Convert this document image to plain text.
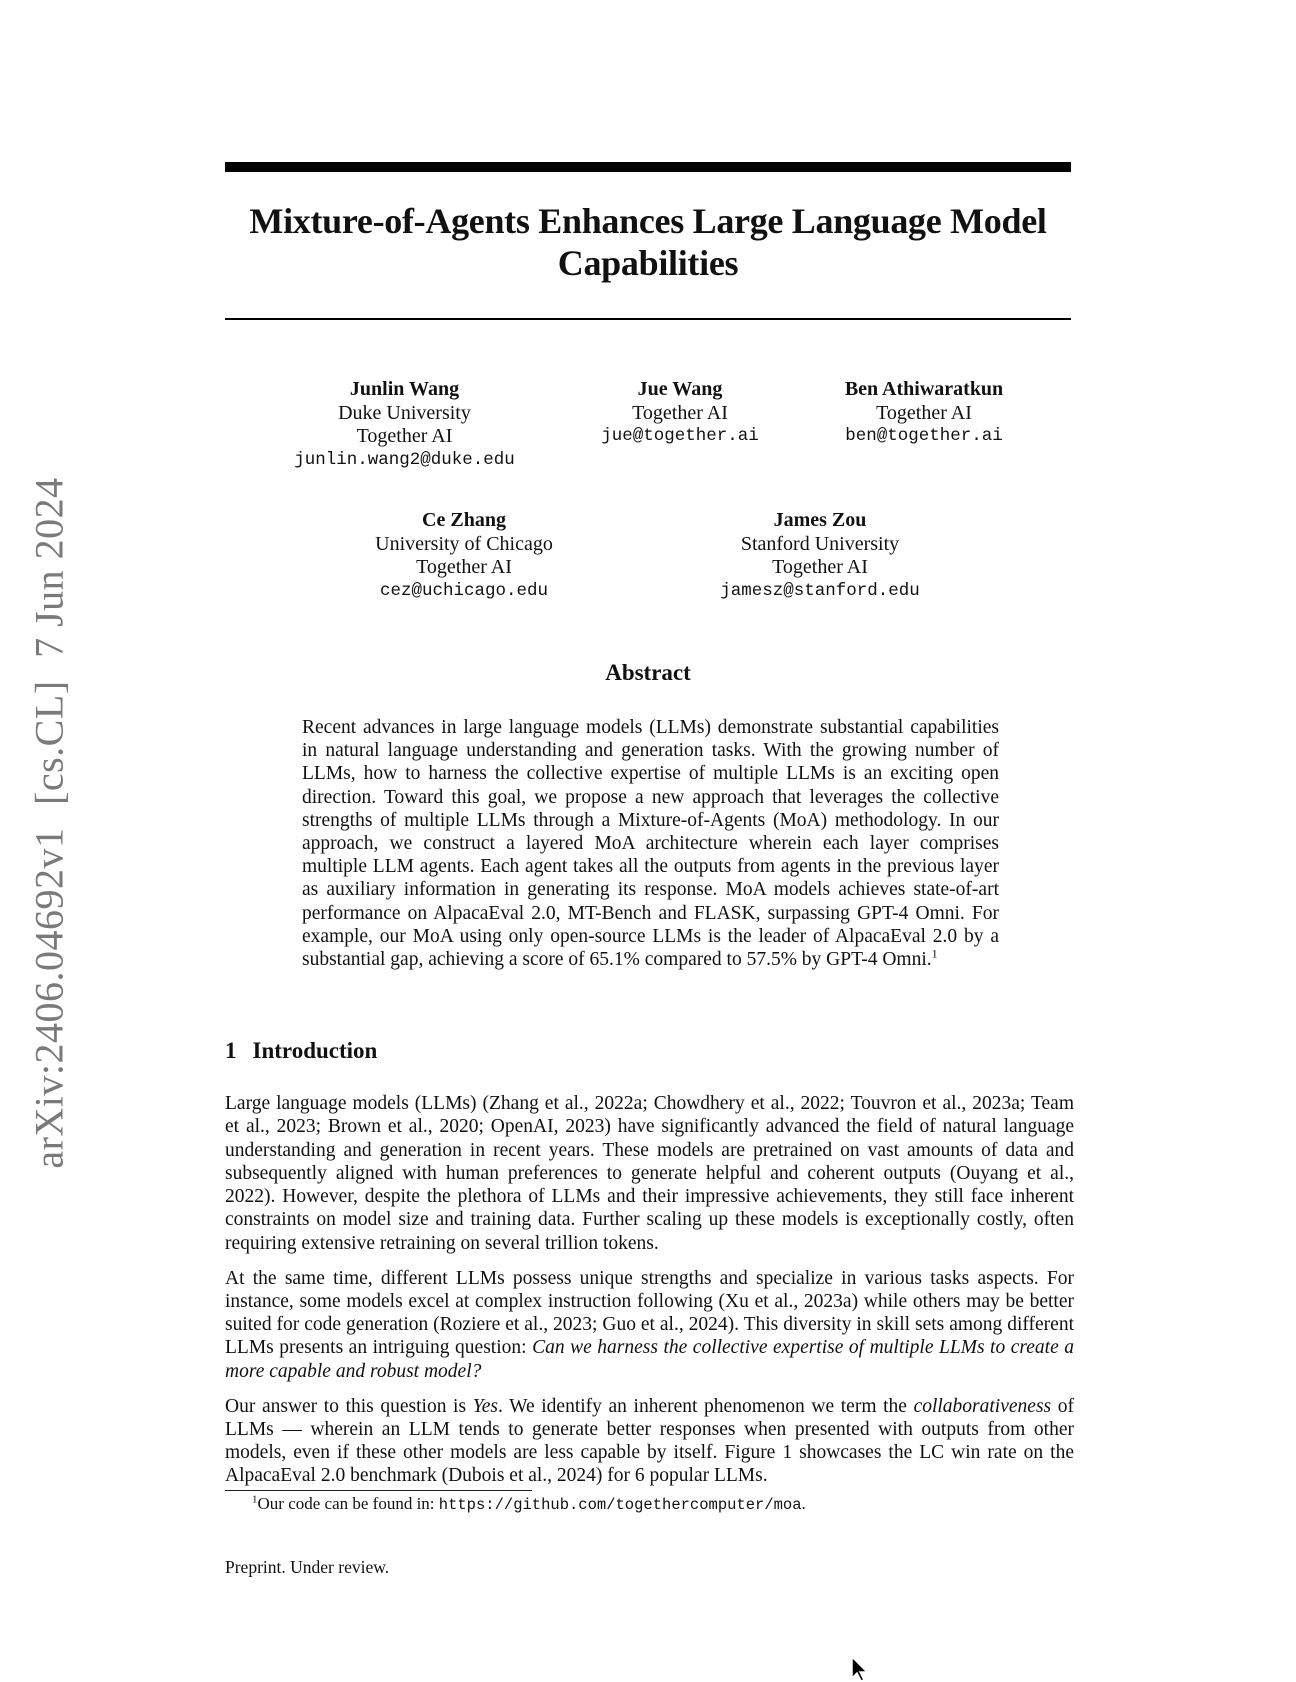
arXiv:2406.04692v1 [cs.CL] 7 Jun 2024
Mixture-of-Agents Enhances Large Language Model
Capabilities
Junlin Wang
Duke University
Together AI
junlin.wang2@duke.edu
Jue Wang
Together AI
jue@together.ai
Ben Athiwaratkun
Together AI
ben@together.ai
Ce Zhang
University of Chicago
Together AI
cez@uchicago.edu
James Zou
Stanford University
Together AI
jamesz@stanford.edu
Abstract

Recent advances in large language models (LLMs) demonstrate substantial capabilities in natural language understanding and generation tasks. With the growing number of LLMs, how to harness the collective expertise of multiple LLMs is an exciting open direction. Toward this goal, we propose a new approach that leverages the collective strengths of multiple LLMs through a Mixture-of-Agents (MoA) methodology. In our approach, we construct a layered MoA architecture wherein each layer comprises multiple LLM agents. Each agent takes all the outputs from agents in the previous layer as auxiliary information in generating its response. MoA models achieves state-of-art performance on AlpacaEval 2.0, MT-Bench and FLASK, surpassing GPT-4 Omni. For example, our MoA using only open-source LLMs is the leader of AlpacaEval 2.0 by a substantial gap, achieving a score of 65.1% compared to 57.5% by GPT-4 Omni.$^1$

1 Introduction

Large language models (LLMs) (Zhang et al., 2022a; Chowdhery et al., 2022; Touvron et al., 2023a; Team et al., 2023; Brown et al., 2020; OpenAI, 2023) have significantly advanced the field of natural language understanding and generation in recent years. These models are pretrained on vast amounts of data and subsequently aligned with human preferences to generate helpful and coherent outputs (Ouyang et al., 2022). However, despite the plethora of LLMs and their impressive achievements, they still face inherent constraints on model size and training data. Further scaling up these models is exceptionally costly, often requiring extensive retraining on several trillion tokens.

At the same time, different LLMs possess unique strengths and specialize in various tasks aspects. For instance, some models excel at complex instruction following (Xu et al., 2023a) while others may be better suited for code generation (Roziere et al., 2023; Guo et al., 2024). This diversity in skill sets among different LLMs presents an intriguing question: Can we harness the collective expertise of multiple LLMs to create a more capable and robust model?

Our answer to this question is Yes. We identify an inherent phenomenon we term the collaborativeness of LLMs — wherein an LLM tends to generate better responses when presented with outputs from other models, even if these other models are less capable by itself. Figure 1 showcases the LC win rate on the AlpacaEval 2.0 benchmark (Dubois et al., 2024) for 6 popular LLMs.

$^1$Our code can be found in: https://github.com/togethercomputer/moa.
Preprint. Under review.
